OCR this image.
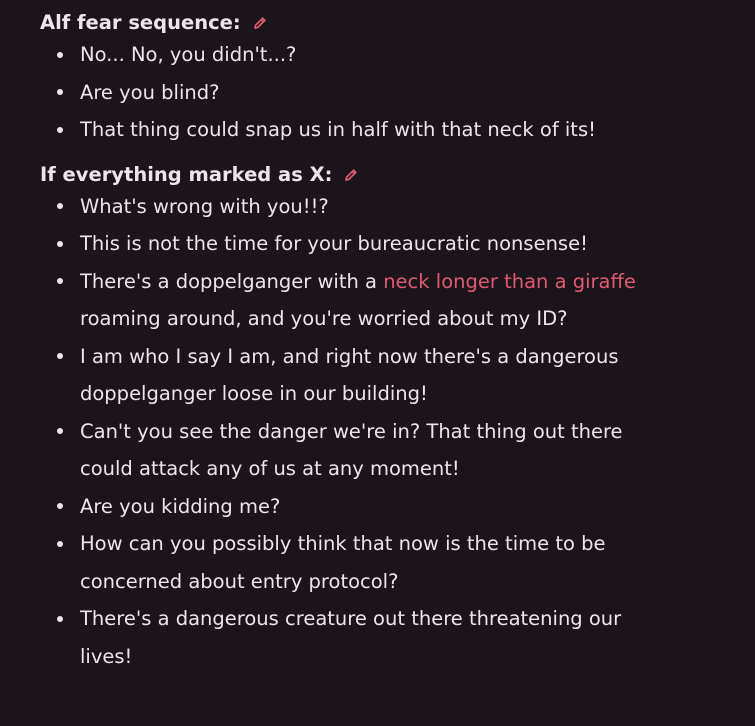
Alf fear sequence:
No... No, you didn't...?
Are you blind?
That thing could snap us in half with that neck of its!
If everything marked as X:
What's wrong with you!!?
This is not the time for your bureaucratic nonsense!
There's a doppelganger with a neck longer than a giraffe
roaming around, and you're worried about my ID?
I am who I say I am, and right now there's a dangerous
doppelganger loose in our building!
Can't you see the danger we're in? That thing out there
could attack any of us at any moment!
Are you kidding me?
How can you possibly think that now is the time to be
concerned about entry protocol?
There's a dangerous creature out there threatening our
lives!
